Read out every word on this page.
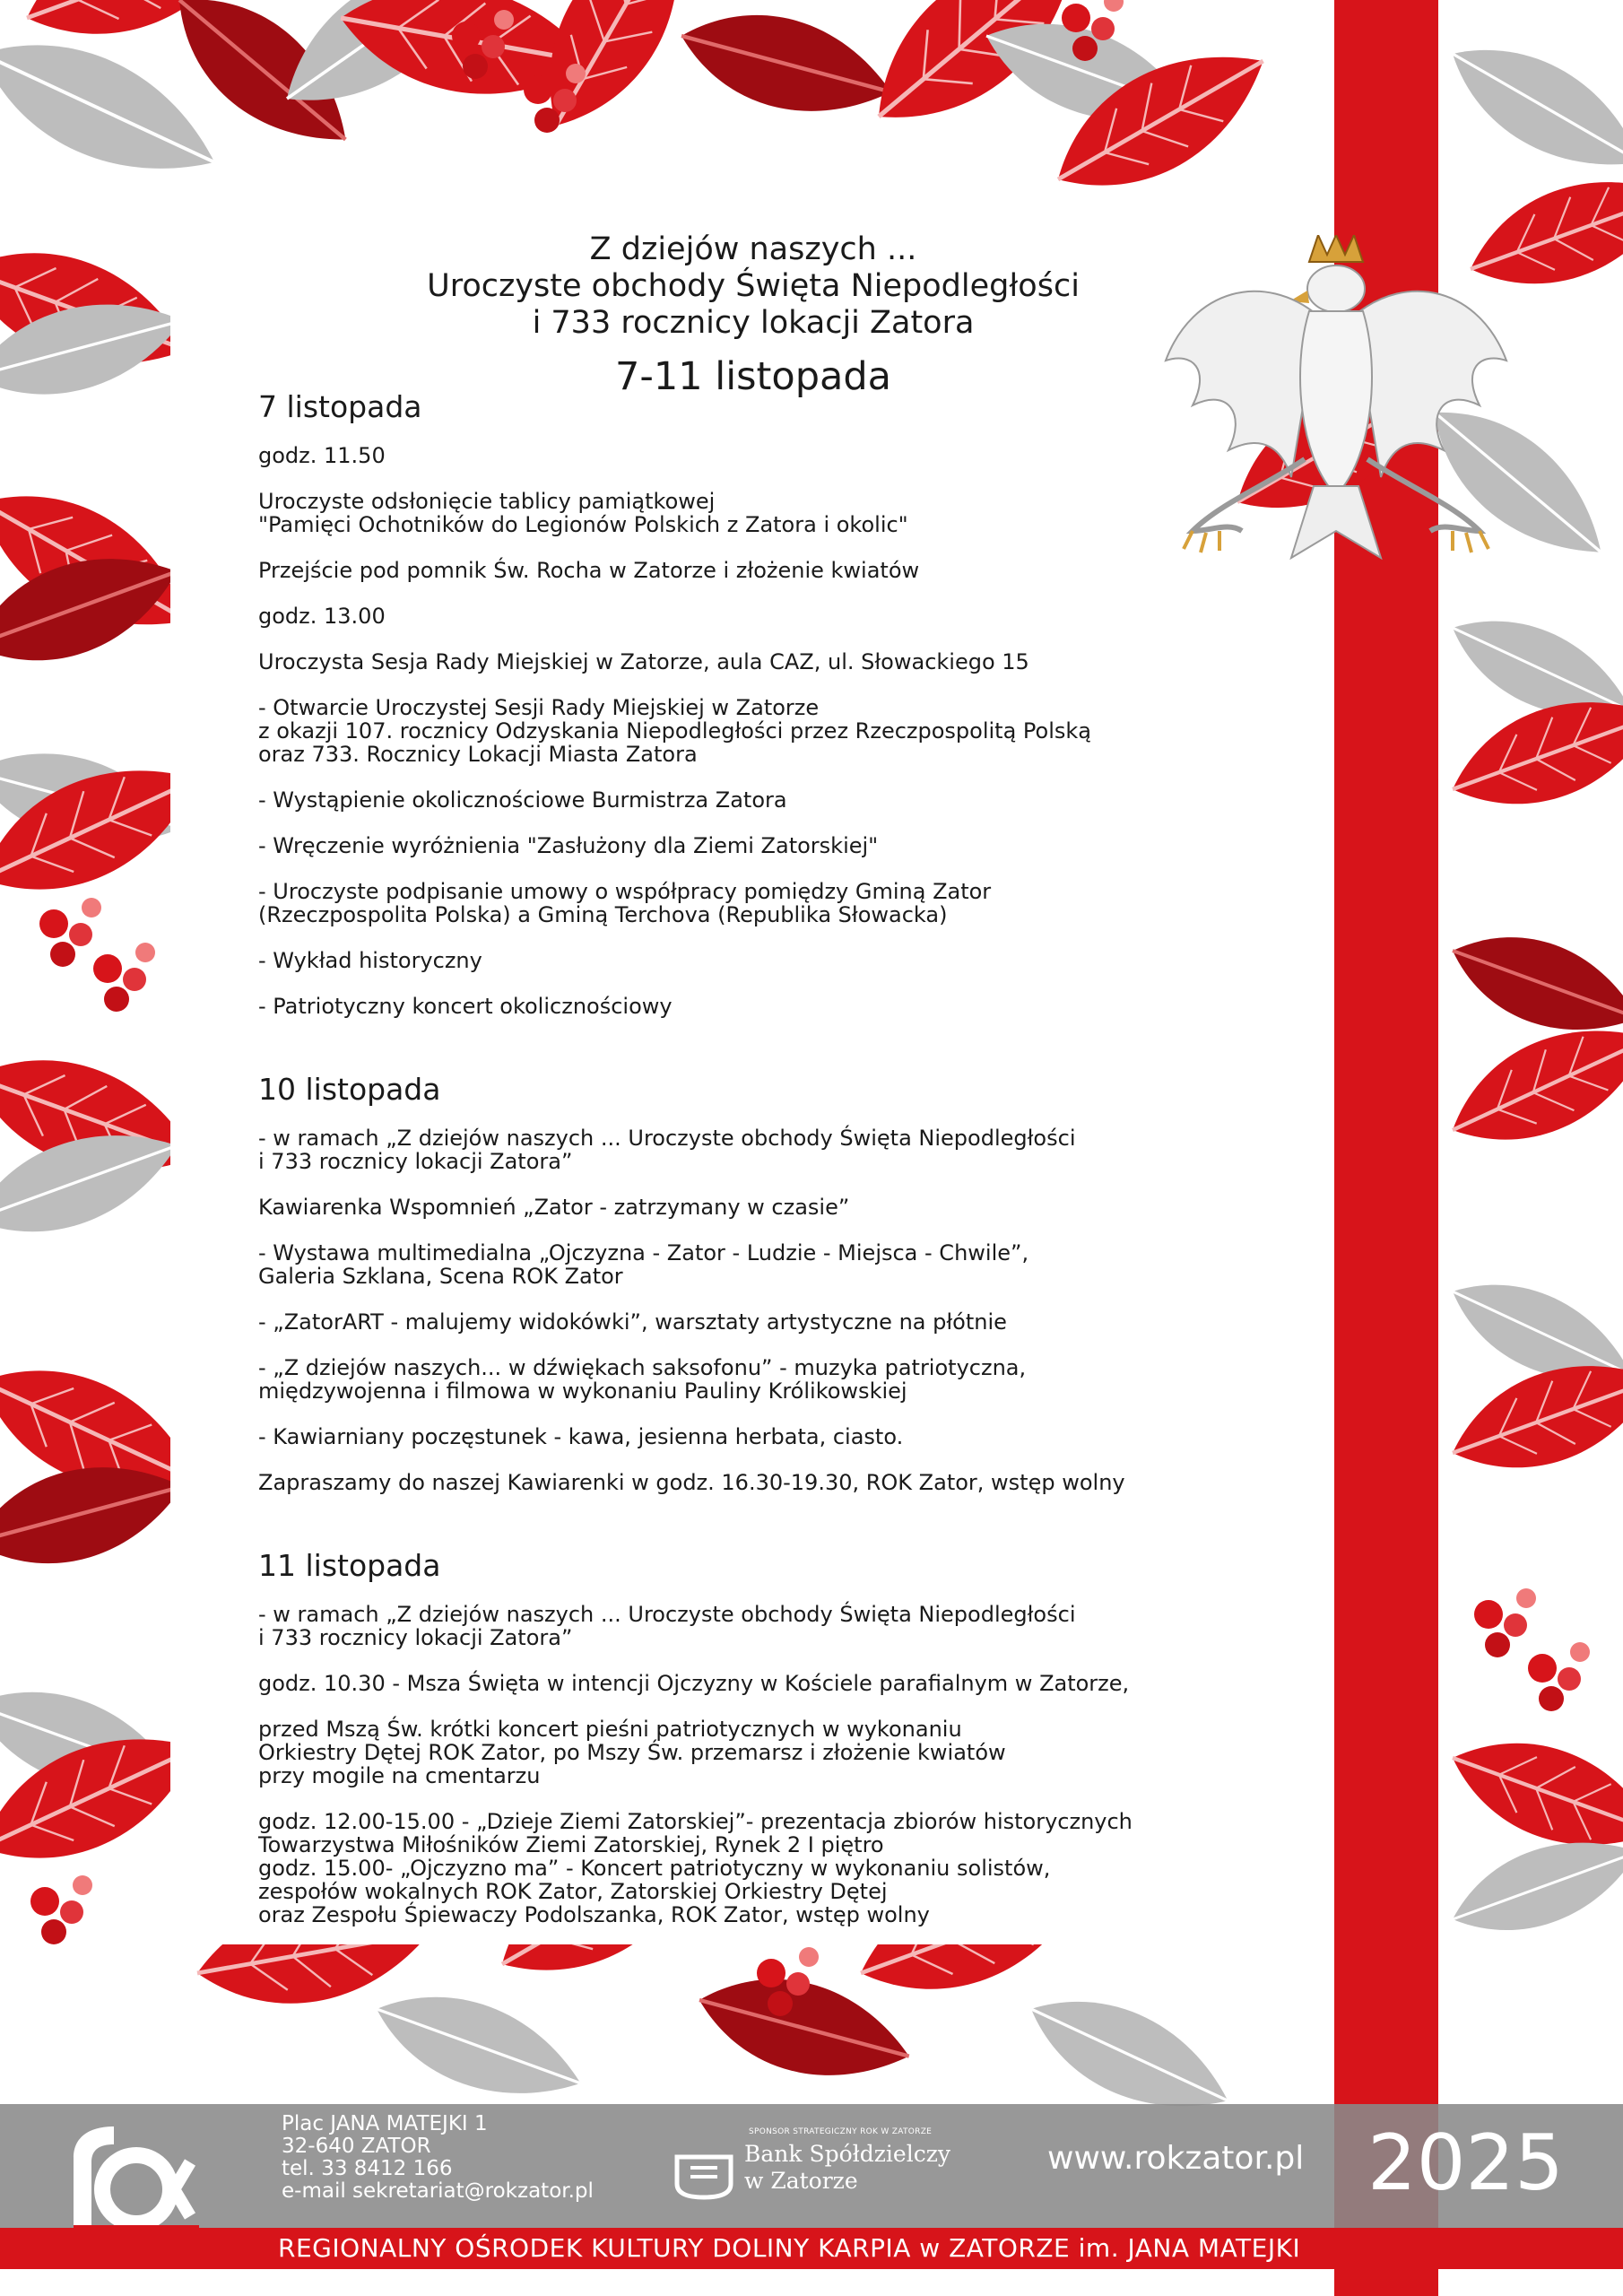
Z dziejów naszych ...
Uroczyste obchody Święta Niepodległości
i 733 rocznicy lokacji Zatora
7-11 listopada
7 listopada

godz. 11.50

Uroczyste odsłonięcie tablicy pamiątkowej
"Pamięci Ochotników do Legionów Polskich z Zatora i okolic"

Przejście pod pomnik Św. Rocha w Zatorze i złożenie kwiatów

godz. 13.00

Uroczysta Sesja Rady Miejskiej w Zatorze, aula CAZ, ul. Słowackiego 15

- Otwarcie Uroczystej Sesji Rady Miejskiej w Zatorze
z okazji 107. rocznicy Odzyskania Niepodległości przez Rzeczpospolitą Polską
oraz 733. Rocznicy Lokacji Miasta Zatora

- Wystąpienie okolicznościowe Burmistrza Zatora

- Wręczenie wyróżnienia "Zasłużony dla Ziemi Zatorskiej"

- Uroczyste podpisanie umowy o współpracy pomiędzy Gminą Zator
(Rzeczpospolita Polska) a Gminą Terchova (Republika Słowacka)

- Wykład historyczny

- Patriotyczny koncert okolicznościowy

10 listopada

- w ramach „Z dziejów naszych ... Uroczyste obchody Święta Niepodległości
i 733 rocznicy lokacji Zatora”

Kawiarenka Wspomnień „Zator - zatrzymany w czasie”

- Wystawa multimedialna „Ojczyzna - Zator - Ludzie - Miejsca - Chwile”,
Galeria Szklana, Scena ROK Zator

- „ZatorART - malujemy widokówki”, warsztaty artystyczne na płótnie

- „Z dziejów naszych... w dźwiękach saksofonu” - muzyka patriotyczna,
międzywojenna i filmowa w wykonaniu Pauliny Królikowskiej

- Kawiarniany poczęstunek - kawa, jesienna herbata, ciasto.

Zapraszamy do naszej Kawiarenki w godz. 16.30-19.30, ROK Zator, wstęp wolny

11 listopada

- w ramach „Z dziejów naszych ... Uroczyste obchody Święta Niepodległości
i 733 rocznicy lokacji Zatora”

godz. 10.30 - Msza Święta w intencji Ojczyzny w Kościele parafialnym w Zatorze,

przed Mszą Św. krótki koncert pieśni patriotycznych w wykonaniu
Orkiestry Dętej ROK Zator, po Mszy Św. przemarsz i złożenie kwiatów
przy mogile na cmentarzu

godz. 12.00-15.00 - „Dzieje Ziemi Zatorskiej”- prezentacja zbiorów historycznych
Towarzystwa Miłośników Ziemi Zatorskiej, Rynek 2 I piętro
godz. 15.00- „Ojczyzno ma” - Koncert patriotyczny w wykonaniu solistów,
zespołów wokalnych ROK Zator, Zatorskiej Orkiestry Dętej
oraz Zespołu Śpiewaczy Podolszanka, ROK Zator, wstęp wolny

Plac JANA MATEJKI 1
32-640 ZATOR
tel. 33 8412 166
e-mail sekretariat@rokzator.pl
SPONSOR STRATEGICZNY ROK W ZATORZE
Bank Spółdzielczy
w Zatorze
www.rokzator.pl 2025
REGIONALNY OŚRODEK KULTURY DOLINY KARPIA w ZATORZE im. JANA MATEJKI
